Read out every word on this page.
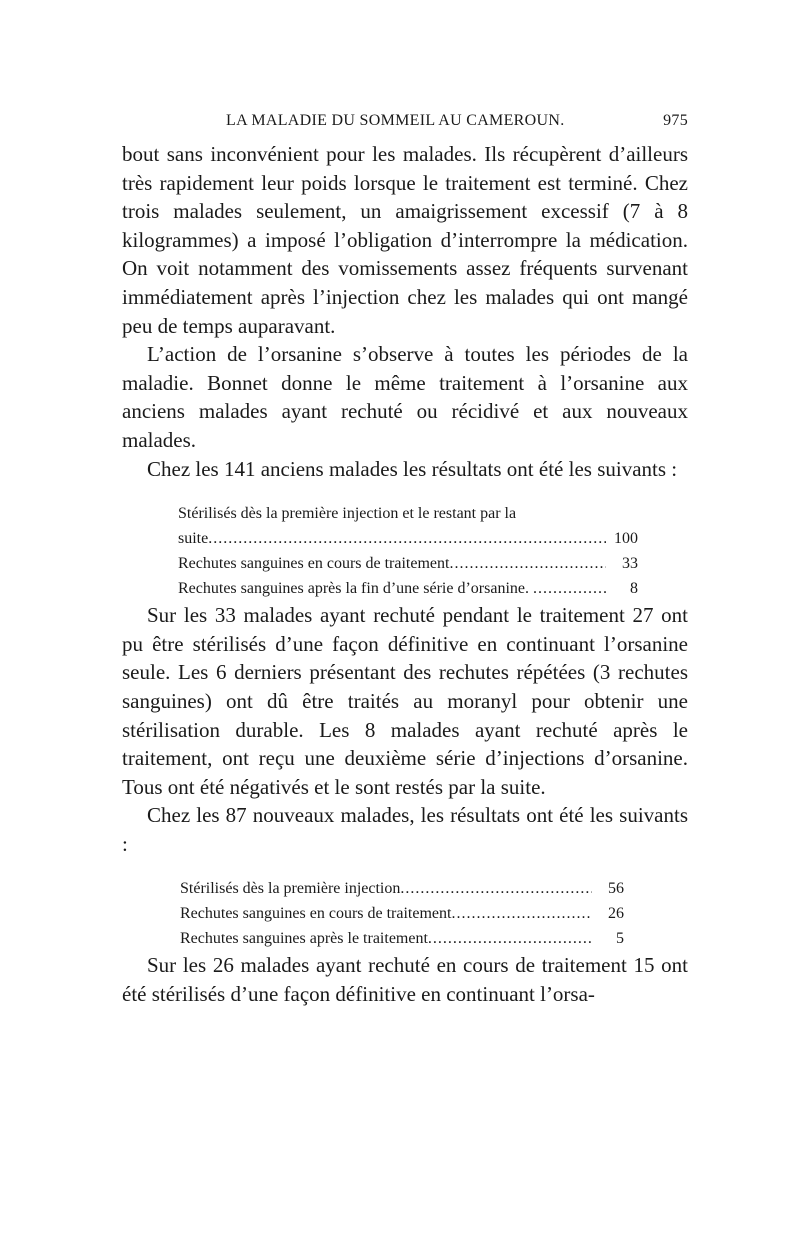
LA MALADIE DU SOMMEIL AU CAMEROUN.	975

bout sans inconvénient pour les malades. Ils récupèrent d’ailleurs très rapidement leur poids lorsque le traitement est terminé. Chez trois malades seulement, un amaigrissement excessif (7 à 8 kilogrammes) a imposé l’obligation d’interrompre la médication. On voit notamment des vomissements assez fréquents survenant immédiatement après l’injection chez les malades qui ont mangé peu de temps auparavant.

L’action de l’orsanine s’observe à toutes les périodes de la maladie. Bonnet donne le même traitement à l’orsanine aux anciens malades ayant rechuté ou récidivé et aux nouveaux malades.

Chez les 141 anciens malades les résultats ont été les suivants :

Stérilisés dès la première injection et le restant par la
suite .....	100
Rechutes sanguines en cours de traitement .....	33
Rechutes sanguines après la fin d’une série d’orsanine. .....	8

Sur les 33 malades ayant rechuté pendant le traitement 27 ont pu être stérilisés d’une façon définitive en continuant l’orsanine seule. Les 6 derniers présentant des rechutes répétées (3 rechutes sanguines) ont dû être traités au moranyl pour obtenir une stérilisation durable. Les 8 malades ayant rechuté après le traitement, ont reçu une deuxième série d’injections d’orsanine. Tous ont été négativés et le sont restés par la suite.

Chez les 87 nouveaux malades, les résultats ont été les suivants :

Stérilisés dès la première injection .....	56
Rechutes sanguines en cours de traitement .....	26
Rechutes sanguines après le traitement .....	5

Sur les 26 malades ayant rechuté en cours de traitement 15 ont été stérilisés d’une façon définitive en continuant l’orsa-
